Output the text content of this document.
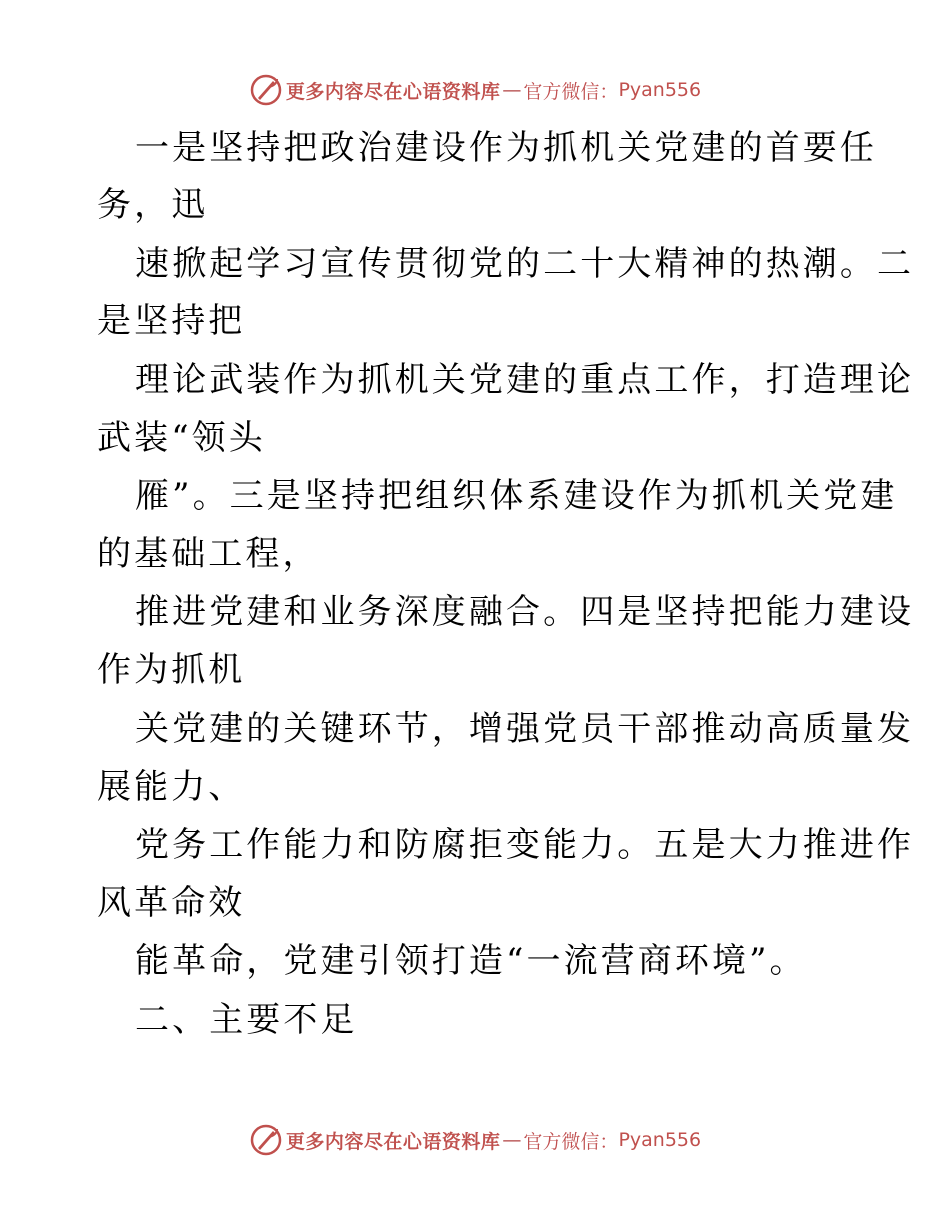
更多内容尽在心语资料库 — 官方微信： Pyan556
一是坚持把政治建设作为抓机关党建的首要任
务，迅
速掀起学习宣传贯彻党的二十大精神的热潮。二
是坚持把
理论武装作为抓机关党建的重点工作，打造理论
武装“领头
雁”。三是坚持把组织体系建设作为抓机关党建
的基础工程，
推进党建和业务深度融合。四是坚持把能力建设
作为抓机
关党建的关键环节，增强党员干部推动高质量发
展能力、
党务工作能力和防腐拒变能力。五是大力推进作
风革命效
能革命，党建引领打造“一流营商环境”。
二、主要不足
更多内容尽在心语资料库 — 官方微信： Pyan556
